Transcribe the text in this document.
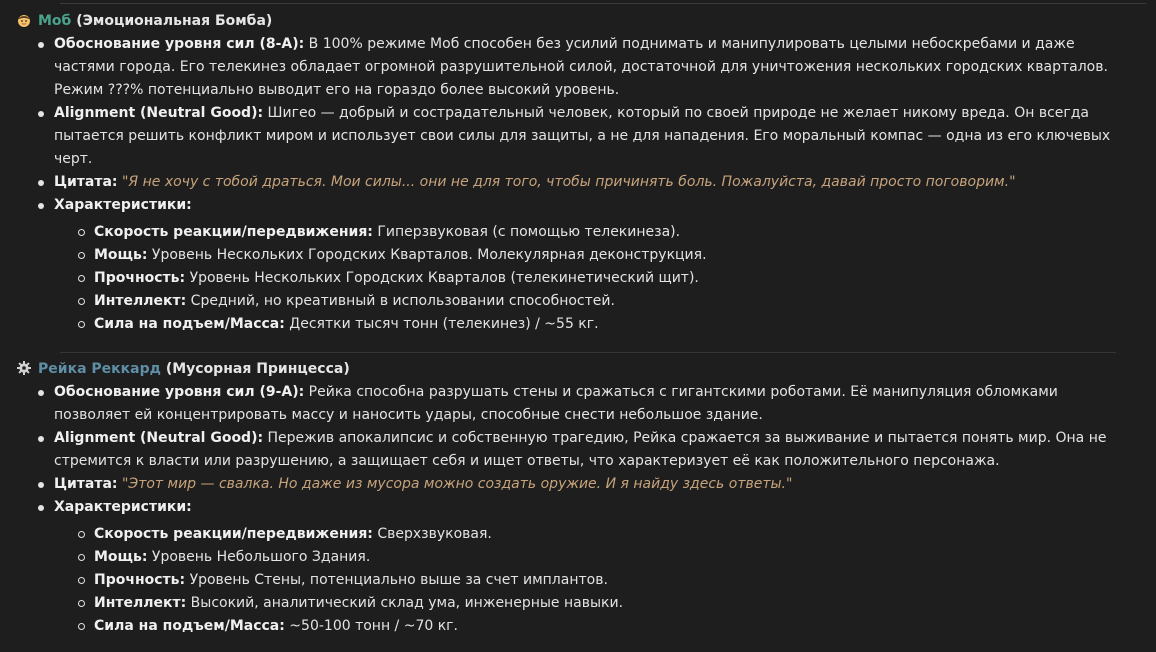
Моб (Эмоциональная Бомба)
Обоснование уровня сил (8-А): В 100% режиме Моб способен без усилий поднимать и манипулировать целыми небоскребами и даже частями города. Его телекинез обладает огромной разрушительной силой, достаточной для уничтожения нескольких городских кварталов. Режим ???% потенциально выводит его на гораздо более высокий уровень.
Alignment (Neutral Good): Шигео — добрый и сострадательный человек, который по своей природе не желает никому вреда. Он всегда пытается решить конфликт миром и использует свои силы для защиты, а не для нападения. Его моральный компас — одна из его ключевых черт.
Цитата: "Я не хочу с тобой драться. Мои силы... они не для того, чтобы причинять боль. Пожалуйста, давай просто поговорим."
Характеристики:
Скорость реакции/передвижения: Гиперзвуковая (с помощью телекинеза).
Мощь: Уровень Нескольких Городских Кварталов. Молекулярная деконструкция.
Прочность: Уровень Нескольких Городских Кварталов (телекинетический щит).
Интеллект: Средний, но креативный в использовании способностей.
Сила на подъем/Масса: Десятки тысяч тонн (телекинез) / ~55 кг.
Рейка Реккард (Мусорная Принцесса)
Обоснование уровня сил (9-А): Рейка способна разрушать стены и сражаться с гигантскими роботами. Её манипуляция обломками позволяет ей концентрировать массу и наносить удары, способные снести небольшое здание.
Alignment (Neutral Good): Пережив апокалипсис и собственную трагедию, Рейка сражается за выживание и пытается понять мир. Она не стремится к власти или разрушению, а защищает себя и ищет ответы, что характеризует её как положительного персонажа.
Цитата: "Этот мир — свалка. Но даже из мусора можно создать оружие. И я найду здесь ответы."
Характеристики:
Скорость реакции/передвижения: Сверхзвуковая.
Мощь: Уровень Небольшого Здания.
Прочность: Уровень Стены, потенциально выше за счет имплантов.
Интеллект: Высокий, аналитический склад ума, инженерные навыки.
Сила на подъем/Масса: ~50-100 тонн / ~70 кг.
